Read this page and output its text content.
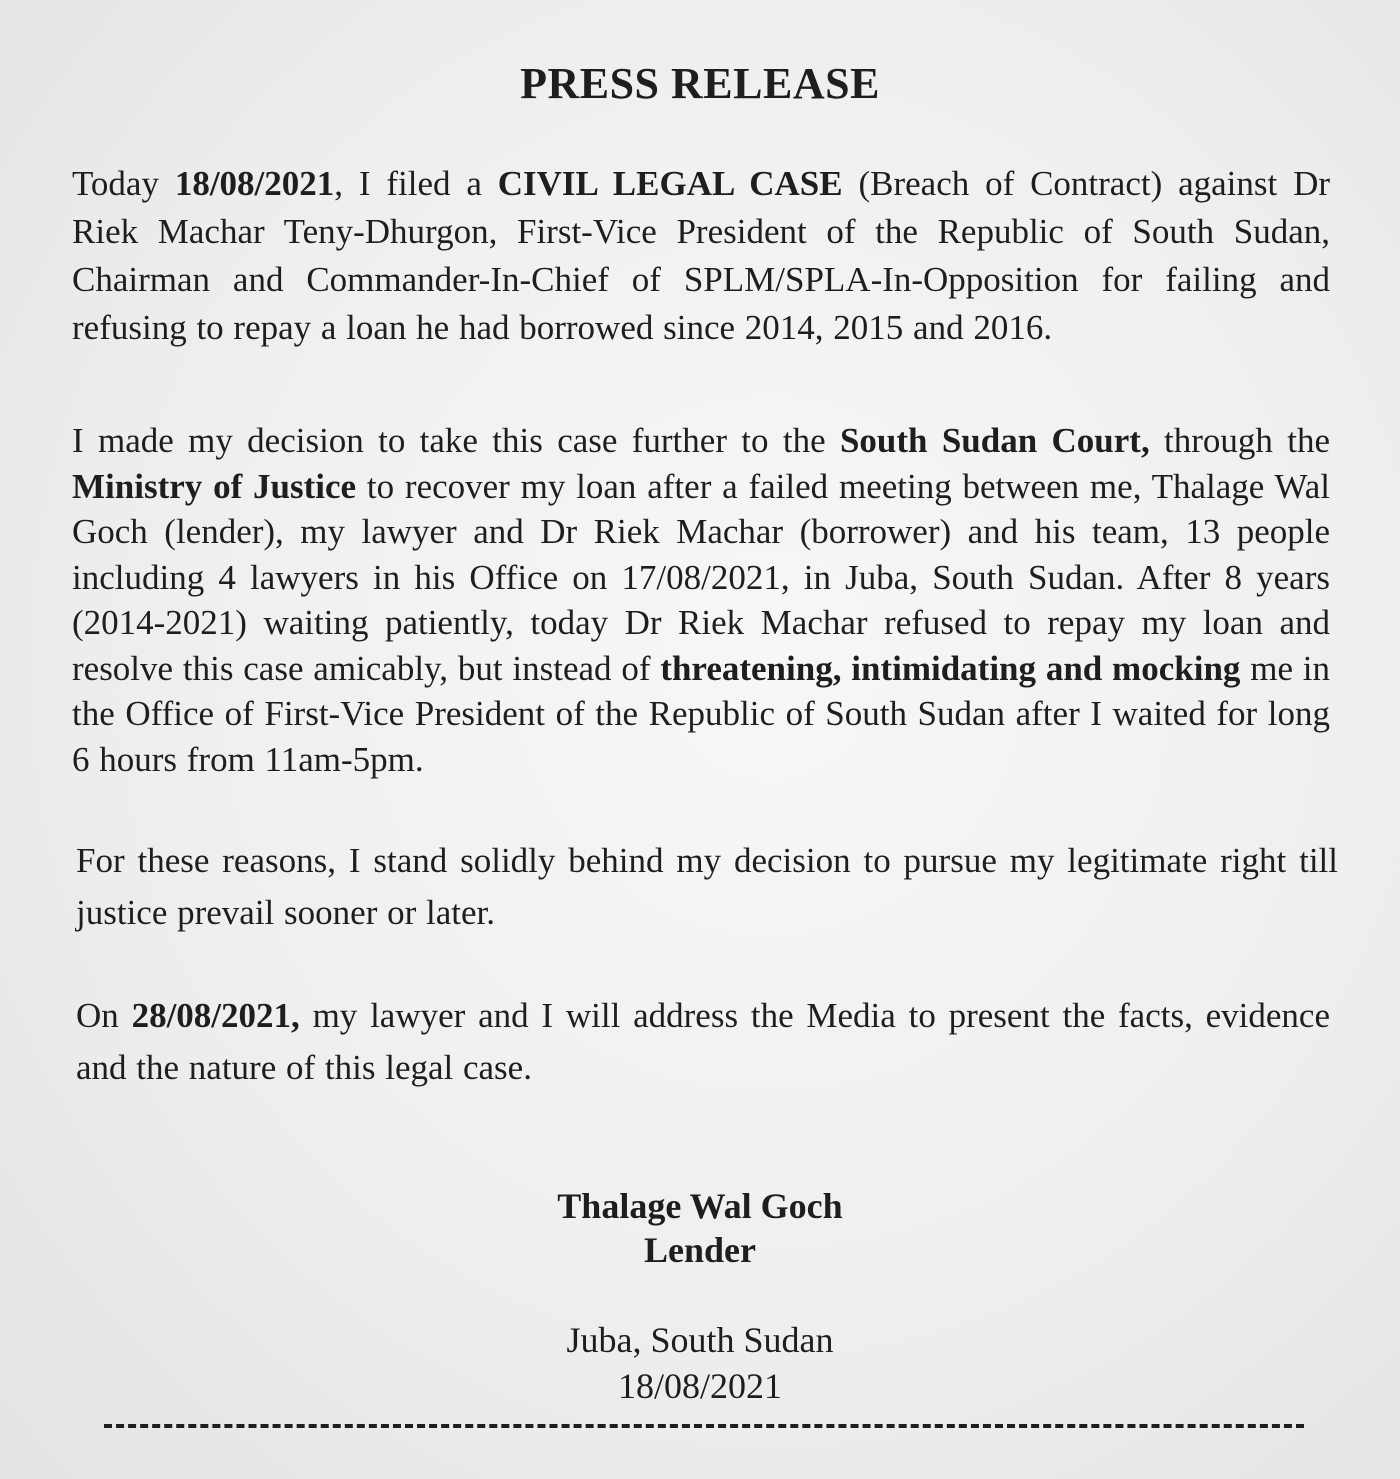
PRESS RELEASE
Today 18/08/2021, I filed a CIVIL LEGAL CASE (Breach of Contract) against Dr Riek Machar Teny-Dhurgon, First-Vice President of the Republic of South Sudan, Chairman and Commander-In-Chief of SPLM/SPLA-In-Opposition for failing and refusing to repay a loan he had borrowed since 2014, 2015 and 2016.
I made my decision to take this case further to the South Sudan Court, through the Ministry of Justice to recover my loan after a failed meeting between me, Thalage Wal Goch (lender), my lawyer and Dr Riek Machar (borrower) and his team, 13 people including 4 lawyers in his Office on 17/08/2021, in Juba, South Sudan. After 8 years (2014-2021) waiting patiently, today Dr Riek Machar refused to repay my loan and resolve this case amicably, but instead of threatening, intimidating and mocking me in the Office of First-Vice President of the Republic of South Sudan after I waited for long 6 hours from 11am-5pm.
For these reasons, I stand solidly behind my decision to pursue my legitimate right till justice prevail sooner or later.
On 28/08/2021, my lawyer and I will address the Media to present the facts, evidence and the nature of this legal case.
Thalage Wal Goch
Lender
Juba, South Sudan
18/08/2021
